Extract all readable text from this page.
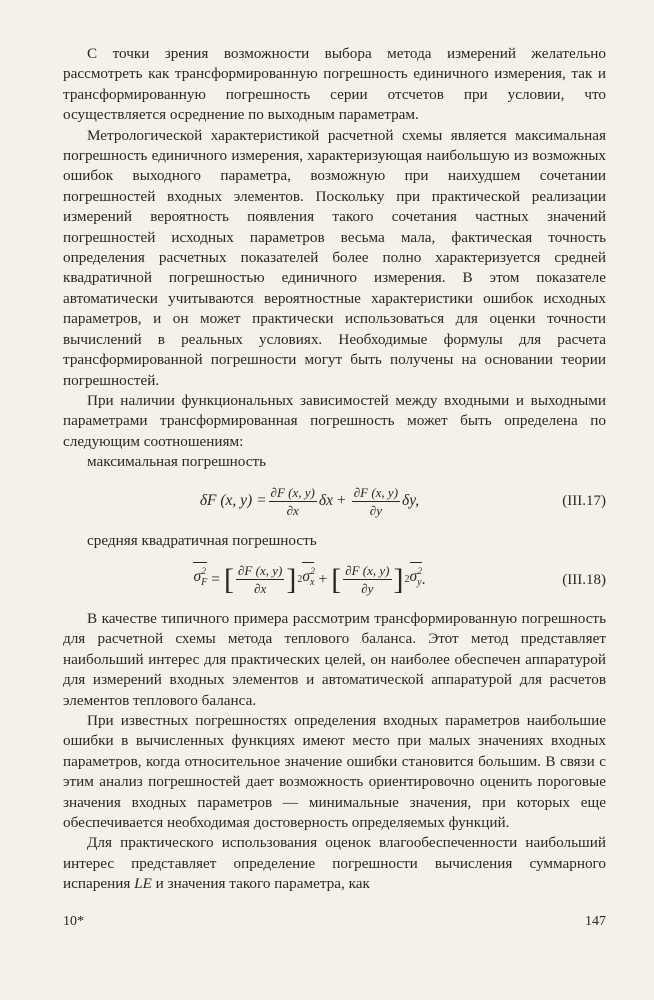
С точки зрения возможности выбора метода измерений желательно рассмотреть как трансформированную погрешность единичного измерения, так и трансформированную погрешность серии отсчетов при условии, что осуществляется осреднение по выходным параметрам.

Метрологической характеристикой расчетной схемы является максимальная погрешность единичного измерения, характеризующая наибольшую из возможных ошибок выходного параметра, возможную при наихудшем сочетании погрешностей входных элементов. Поскольку при практической реализации измерений вероятность появления такого сочетания частных значений погрешностей исходных параметров весьма мала, фактическая точность определения расчетных показателей более полно характеризуется средней квадратичной погрешностью единичного измерения. В этом показателе автоматически учитываются вероятностные характеристики ошибок исходных параметров, и он может практически использоваться для оценки точности вычислений в реальных условиях. Необходимые формулы для расчета трансформированной погрешности могут быть получены на основании теории погрешностей.

При наличии функциональных зависимостей между входными и выходными параметрами трансформированная погрешность может быть определена по следующим соотношениям:

максимальная погрешность

δF (x, $y) = \frac{\partial F (x, y)}{\partial x}$ $\delta x + \frac{\partial F (x, y)}{\partial y} \delta y$,	(III.17)

средняя квадратичная погрешность

σ 2
$_F$ = [ $\frac{\partial F (x, y)}{\partial x}$ ] 2 σ 2
$_x$ + [ $\frac{\partial F (x, y)}{\partial y}$ ] 2 σ 2
$_y$ .	(III.18)

В качестве типичного примера рассмотрим трансформированную погрешность для расчетной схемы метода теплового баланса. Этот метод представляет наибольший интерес для практических целей, он наиболее обеспечен аппаратурой для измерений входных элементов и автоматической аппаратурой для расчетов элементов теплового баланса.

При известных погрешностях определения входных параметров наибольшие ошибки в вычисленных функциях имеют место при малых значениях входных параметров, когда относительное значение ошибки становится большим. В связи с этим анализ погрешностей дает возможность ориентировочно оценить пороговые значения входных параметров — минимальные значения, при которых еще обеспечивается необходимая достоверность определяемых функций.

Для практического использования оценок влагообеспеченности наибольший интерес представляет определение погрешности вычисления суммарного испарения LE и значения такого параметра, как

10*	147
